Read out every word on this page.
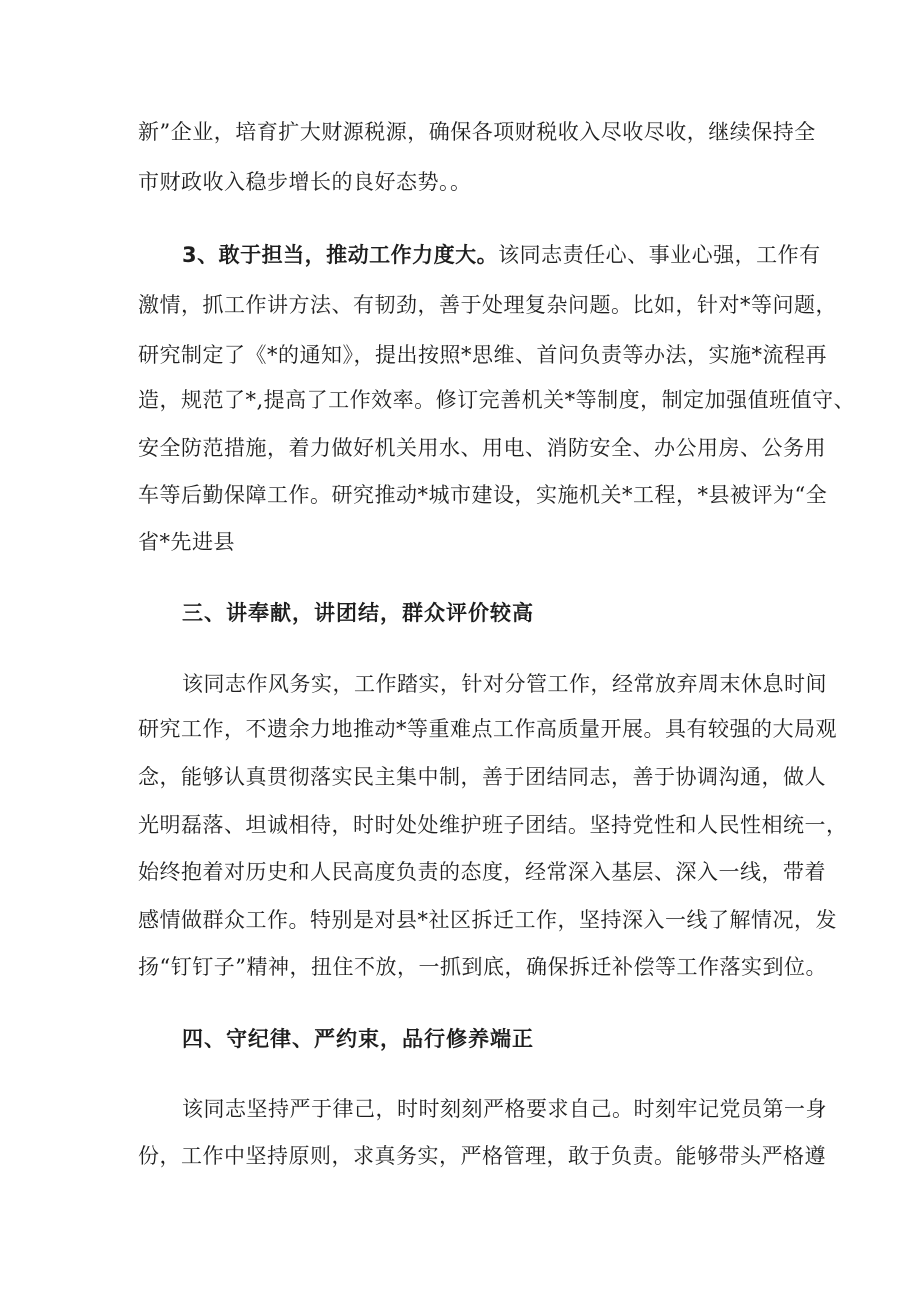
新”企业，培育扩大财源税源，确保各项财税收入尽收尽收，继续保持全
市财政收入稳步增长的良好态势。。
3、敢于担当，推动工作力度大。该同志责任心、事业心强，工作有
激情，抓工作讲方法、有韧劲，善于处理复杂问题。比如，针对*等问题，
研究制定了《*的通知》，提出按照*思维、首问负责等办法，实施*流程再
造，规范了*,提高了工作效率。修订完善机关*等制度，制定加强值班值守、
安全防范措施，着力做好机关用水、用电、消防安全、办公用房、公务用
车等后勤保障工作。研究推动*城市建设，实施机关*工程，*县被评为“全
省*先进县
三、讲奉献，讲团结，群众评价较高
该同志作风务实，工作踏实，针对分管工作，经常放弃周末休息时间
研究工作，不遗余力地推动*等重难点工作高质量开展。具有较强的大局观
念，能够认真贯彻落实民主集中制，善于团结同志，善于协调沟通，做人
光明磊落、坦诚相待，时时处处维护班子团结。坚持党性和人民性相统一，
始终抱着对历史和人民高度负责的态度，经常深入基层、深入一线，带着
感情做群众工作。特别是对县*社区拆迁工作，坚持深入一线了解情况，发
扬“钉钉子”精神，扭住不放，一抓到底，确保拆迁补偿等工作落实到位。
四、守纪律、严约束，品行修养端正
该同志坚持严于律己，时时刻刻严格要求自己。时刻牢记党员第一身
份，工作中坚持原则，求真务实，严格管理，敢于负责。能够带头严格遵
